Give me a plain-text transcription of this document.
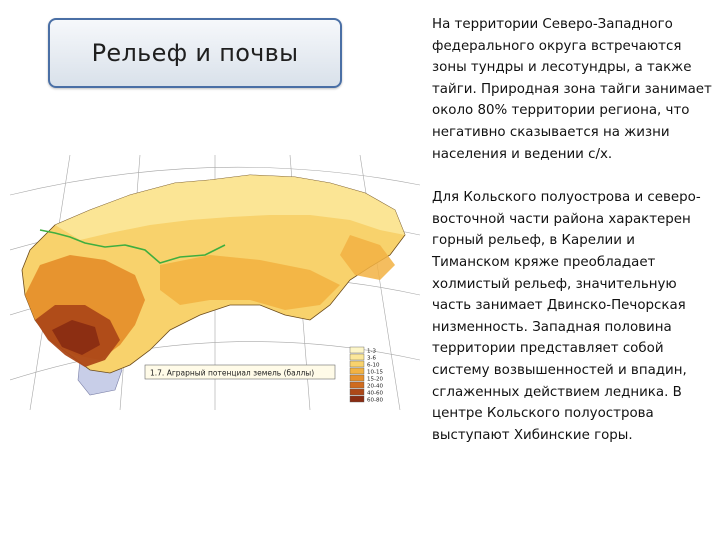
Рельеф и почвы
1.7. Аграрный потенциал земель (баллы)
1-3
3-6
6-10
10-15
15-20
20-40
40-60
60-80

На территории Северо-Западного федерального округа встречаются зоны тундры и лесотундры, а также тайги. Природная зона тайги занимает около 80% территории региона, что негативно сказывается на жизни населения и ведении с/х.

Для Кольского полуострова и северо-восточной части района характерен горный рельеф, в Карелии и Тиманском кряже преобладает холмистый рельеф, значительную часть занимает Двинско-Печорская низменность. Западная половина территории представляет собой систему возвышенностей и впадин, сглаженных действием ледника. В центре Кольского полуострова выступают Хибинские горы.
